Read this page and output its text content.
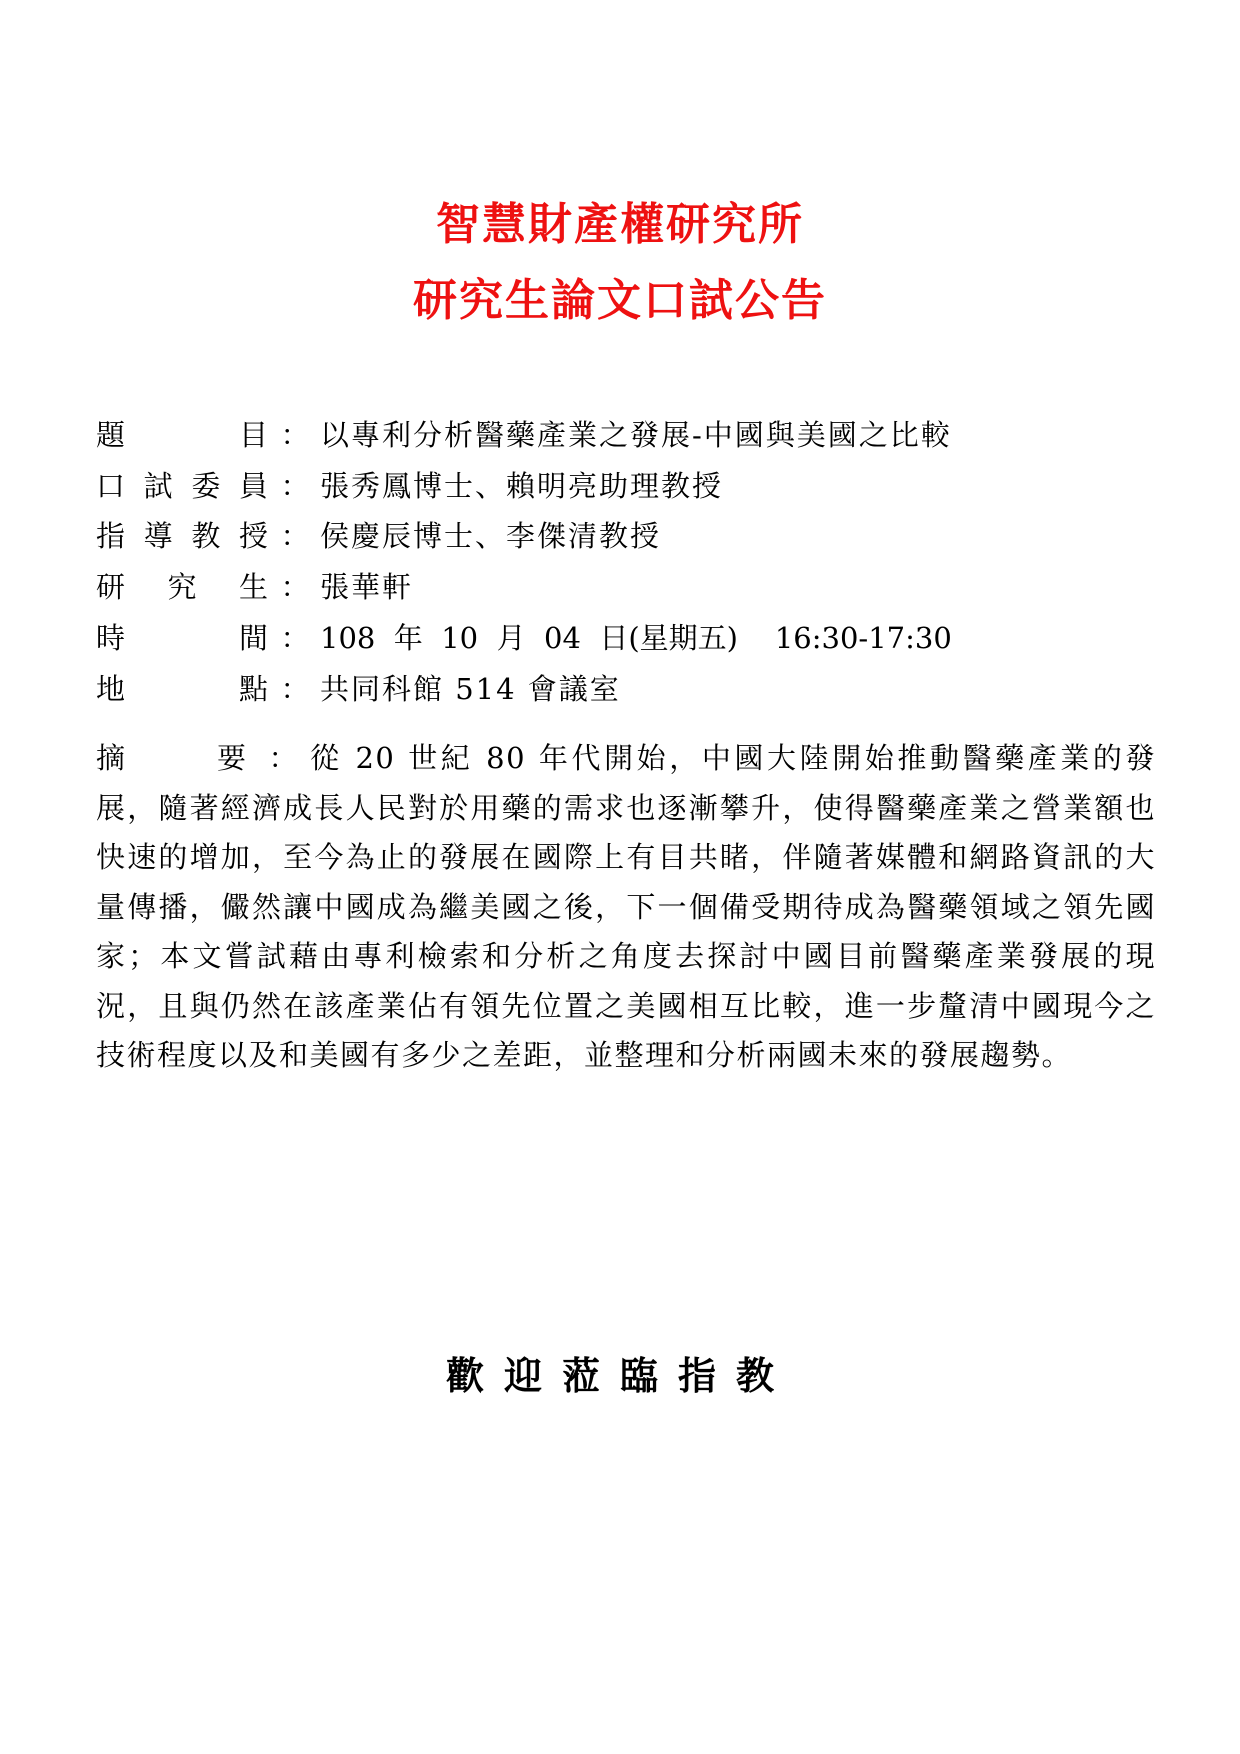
智慧財產權研究所
研究生論文口試公告
題	目 ： 以專利分析醫藥產業之發展-中國與美國之比較
口 試 委 員 ： 張秀鳳博士、賴明亮助理教授
指 導 教 授 ： 侯慶辰博士、李傑清教授
研 究 生 ： 張華軒
時	間 ： 108  年  10  月  04  日(星期五)    16:30-17:30
地	點 ： 共同科館 514 會議室
摘	要 ： 從 20 世紀 80 年代開始，中國大陸開始推動醫藥產業的發展，隨著經濟成長人民對於用藥的需求也逐漸攀升，使得醫藥產業之營業額也快速的增加，至今為止的發展在國際上有目共睹，伴隨著媒體和網路資訊的大量傳播，儼然讓中國成為繼美國之後，下一個備受期待成為醫藥領域之領先國家；本文嘗試藉由專利檢索和分析之角度去探討中國目前醫藥產業發展的現況，且與仍然在該產業佔有領先位置之美國相互比較，進一步釐清中國現今之技術程度以及和美國有多少之差距，並整理和分析兩國未來的發展趨勢。
歡迎蒞臨指教
